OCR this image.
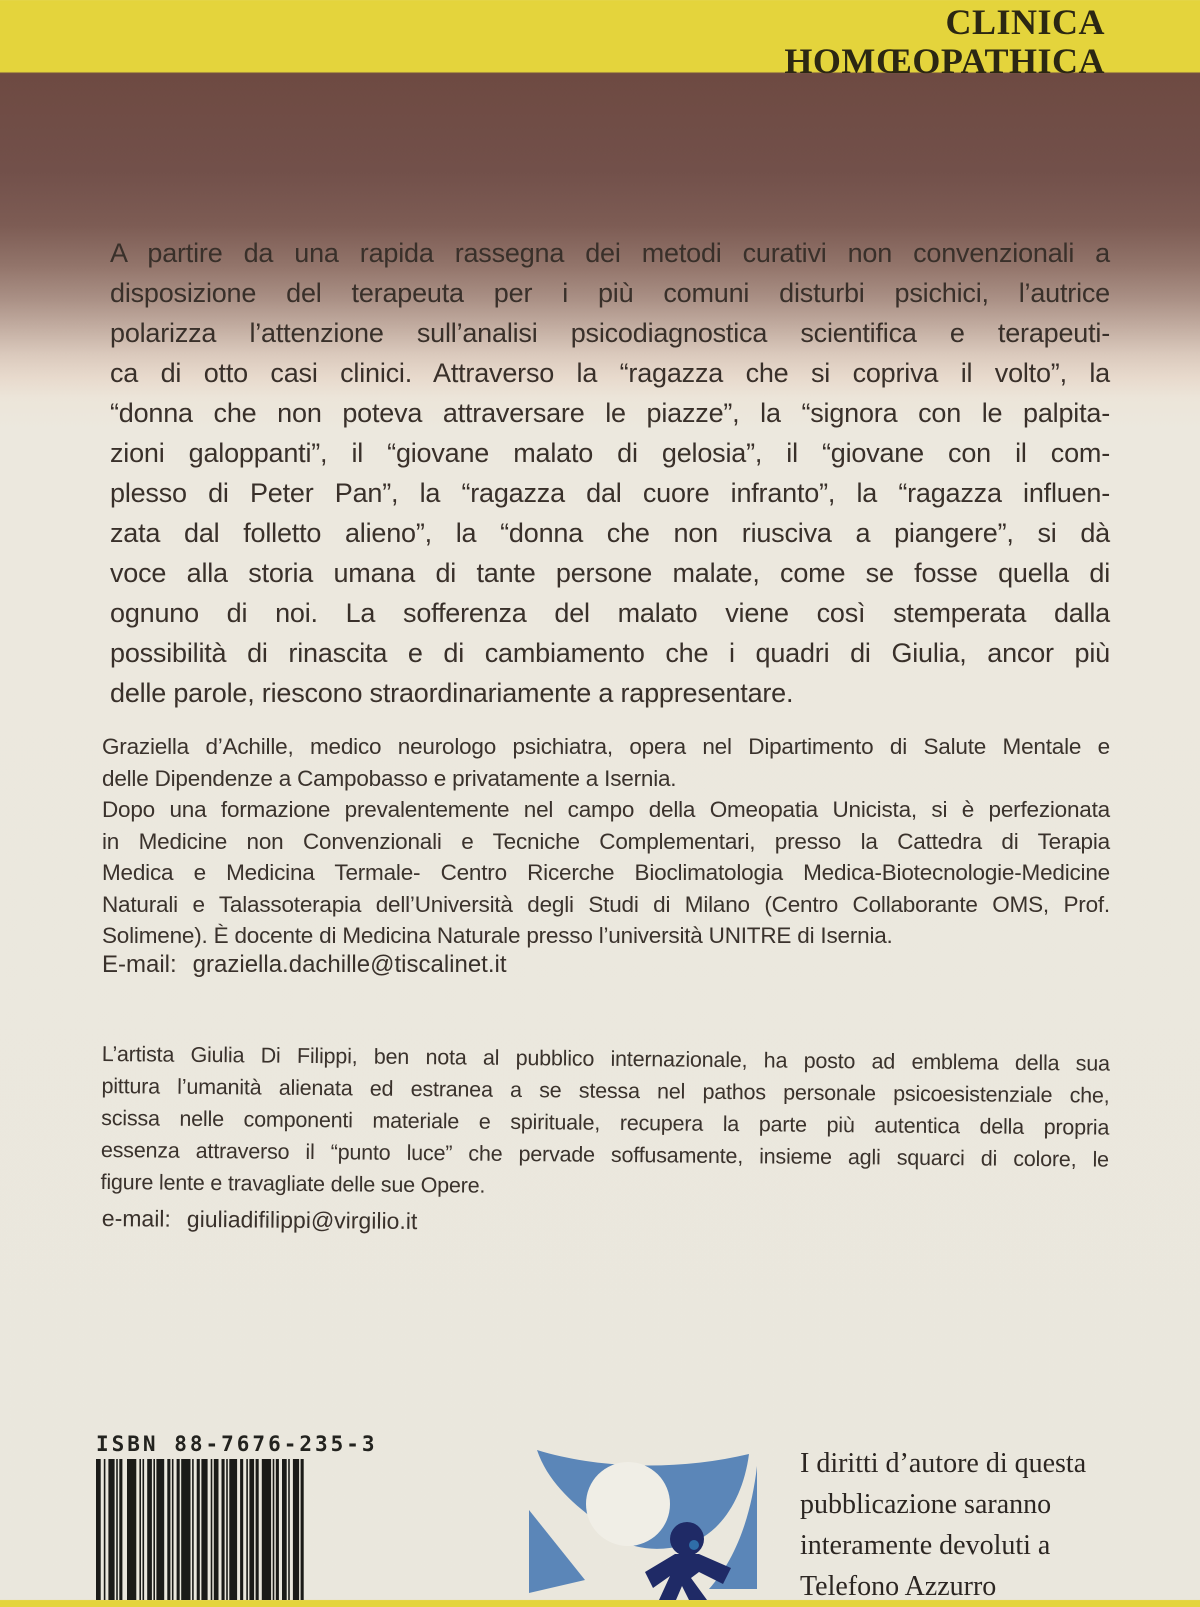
CLINICA
HOMŒOPATHICA
A partire da una rapida rassegna dei metodi curativi non convenzionali a
disposizione del terapeuta per i più comuni disturbi psichici, l’autrice
polarizza l’attenzione sull’analisi psicodiagnostica scientifica e terapeuti-
ca di otto casi clinici. Attraverso la “ragazza che si copriva il volto”, la
“donna che non poteva attraversare le piazze”, la “signora con le palpita-
zioni galoppanti”, il “giovane malato di gelosia”, il “giovane con il com-
plesso di Peter Pan”, la “ragazza dal cuore infranto”, la “ragazza influen-
zata dal folletto alieno”, la “donna che non riusciva a piangere”, si dà
voce alla storia umana di tante persone malate, come se fosse quella di
ognuno di noi. La sofferenza del malato viene così stemperata dalla
possibilità di rinascita e di cambiamento che i quadri di Giulia, ancor più
delle parole, riescono straordinariamente a rappresentare.
Graziella d’Achille, medico neurologo psichiatra, opera nel Dipartimento di Salute Mentale e
delle Dipendenze a Campobasso e privatamente a Isernia.
Dopo una formazione prevalentemente nel campo della Omeopatia Unicista, si è perfezionata
in Medicine non Convenzionali e Tecniche Complementari, presso la Cattedra di Terapia
Medica e Medicina Termale- Centro Ricerche Bioclimatologia Medica-Biotecnologie-Medicine
Naturali e Talassoterapia dell’Università degli Studi di Milano (Centro Collaborante OMS, Prof.
Solimene). È docente di Medicina Naturale presso l’università UNITRE di Isernia.
E-mail: graziella.dachille@tiscalinet.it
L’artista Giulia Di Filippi, ben nota al pubblico internazionale, ha posto ad emblema della sua
pittura l’umanità alienata ed estranea a se stessa nel pathos personale psicoesistenziale che,
scissa nelle componenti materiale e spirituale, recupera la parte più autentica della propria
essenza attraverso il “punto luce” che pervade soffusamente, insieme agli squarci di colore, le
figure lente e travagliate delle sue Opere.
e-mail: giuliadifilippi@virgilio.it
ISBN 88-7676-235-3
I diritti d’autore di questa
pubblicazione saranno
interamente devoluti a
Telefono Azzurro
